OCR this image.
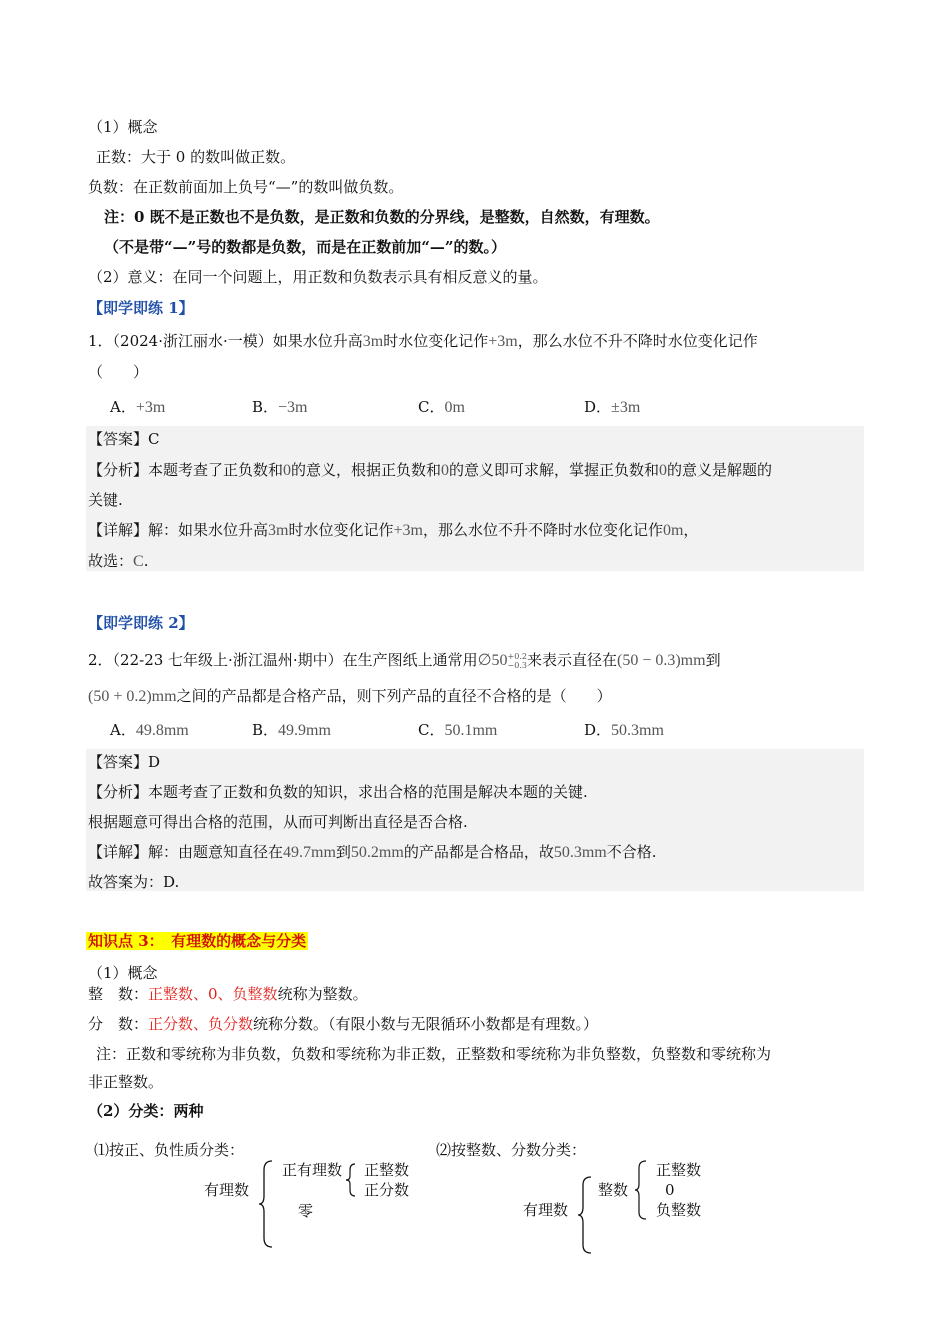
（1）概念
正数：大于 0 的数叫做正数。
负数：在正数前面加上负号“—”的数叫做负数。
注：0 既不是正数也不是负数，是正数和负数的分界线，是整数，自然数，有理数。
（不是带“—”号的数都是负数，而是在正数前加“—”的数。）
（2）意义：在同一个问题上，用正数和负数表示具有相反意义的量。
【即学即练 1】
1．（2024·浙江丽水·一模）如果水位升高3m时水位变化记作+3m，那么水位不升不降时水位变化记作
（　　）
A．+3m	B．−3m	C．0m	D．±3m
【答案】C
【分析】本题考查了正负数和0的意义，根据正负数和0的意义即可求解，掌握正负数和0的意义是解题的
关键.
【详解】解：如果水位升高3m时水位变化记作+3m，那么水位不升不降时水位变化记作0m，
故选：C.
【即学即练 2】
2．（22-23 七年级上·浙江温州·期中）在生产图纸上通常用∅50+0.2
−0.3来表示直径在(50 − 0.3)mm到
(50 + 0.2)mm之间的产品都是合格产品，则下列产品的直径不合格的是（　　）
A．49.8mm	B．49.9mm	C．50.1mm	D．50.3mm
【答案】D
【分析】本题考查了正数和负数的知识，求出合格的范围是解决本题的关键.
根据题意可得出合格的范围，从而可判断出直径是否合格.
【详解】解：由题意知直径在49.7mm到50.2mm的产品都是合格品，故50.3mm不合格.
故答案为：D.
知识点 3：　有理数的概念与分类
（1）概念
整　数：正整数、0、负整数统称为整数。
分　数：正分数、负分数统称分数。（有限小数与无限循环小数都是有理数。）
注：正数和零统称为非负数，负数和零统称为非正数，正整数和零统称为非负整数，负整数和零统称为
非正整数。
（2）分类：两种
⑴按正、负性质分类：
有理数
正有理数 正整数
正分数
零
⑵按整数、分数分类：
有理数
整数
正整数
0
负整数
